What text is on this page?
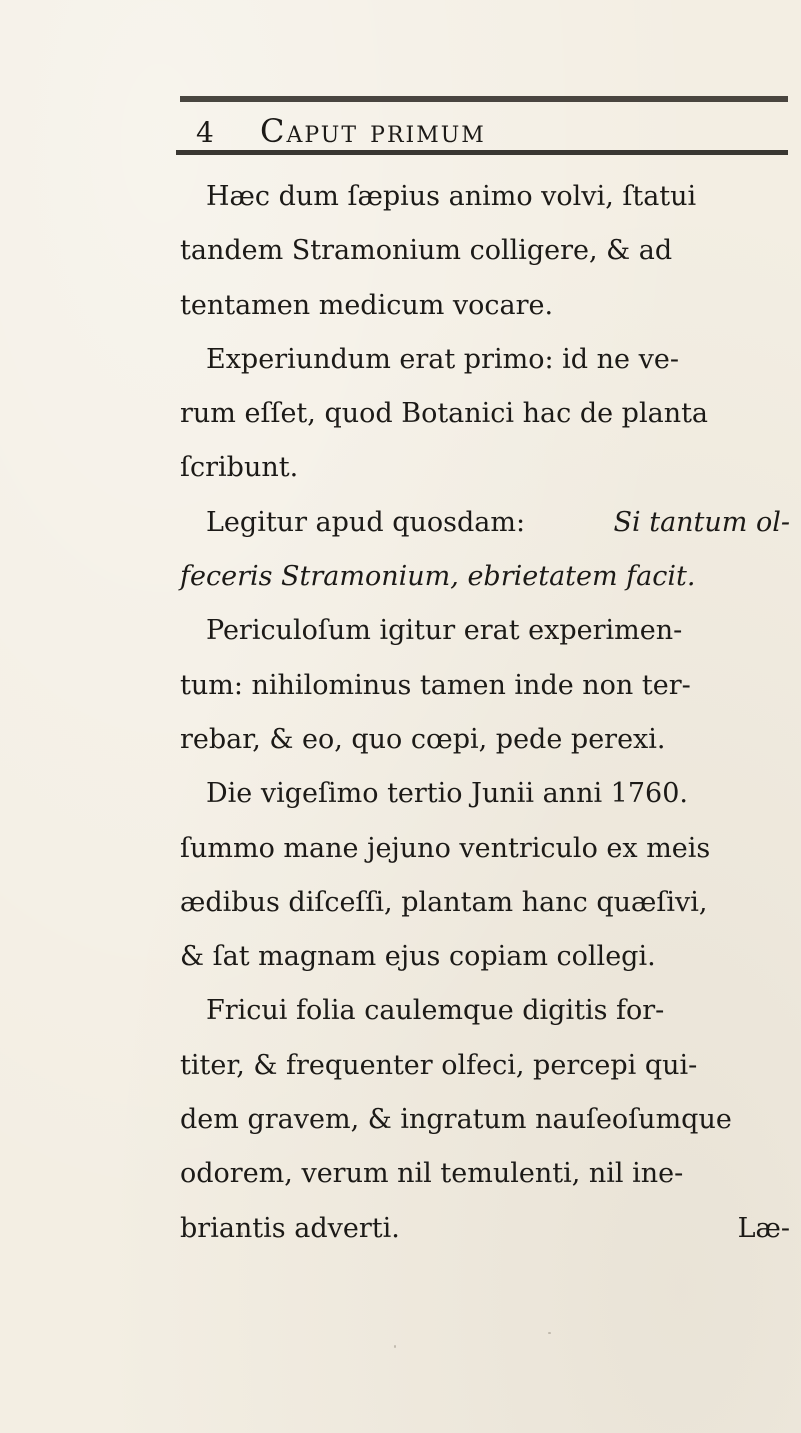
4 Caput primum
Hæc dum ſæpius animo volvi, ſtatui
tandem Stramonium colligere, & ad
tentamen medicum vocare.
Experiundum erat primo: id ne ve-
rum eſſet, quod Botanici hac de planta
ſcribunt.
Legitur apud quosdam:	Si tantum ol-
feceris Stramonium, ebrietatem facit.
Periculoſum igitur erat experimen-
tum: nihilominus tamen inde non ter-
rebar, & eo, quo cœpi, pede perexi.
Die vigeſimo tertio Junii anni 1760.
ſummo mane jejuno ventriculo ex meis
ædibus diſceſſi, plantam hanc quæſivi,
& ſat magnam ejus copiam collegi.
Fricui folia caulemque digitis for-
titer, & frequenter olfeci, percepi qui-
dem gravem, & ingratum nauſeoſumque
odorem, verum nil temulenti, nil ine-
briantis adverti.	Læ-
